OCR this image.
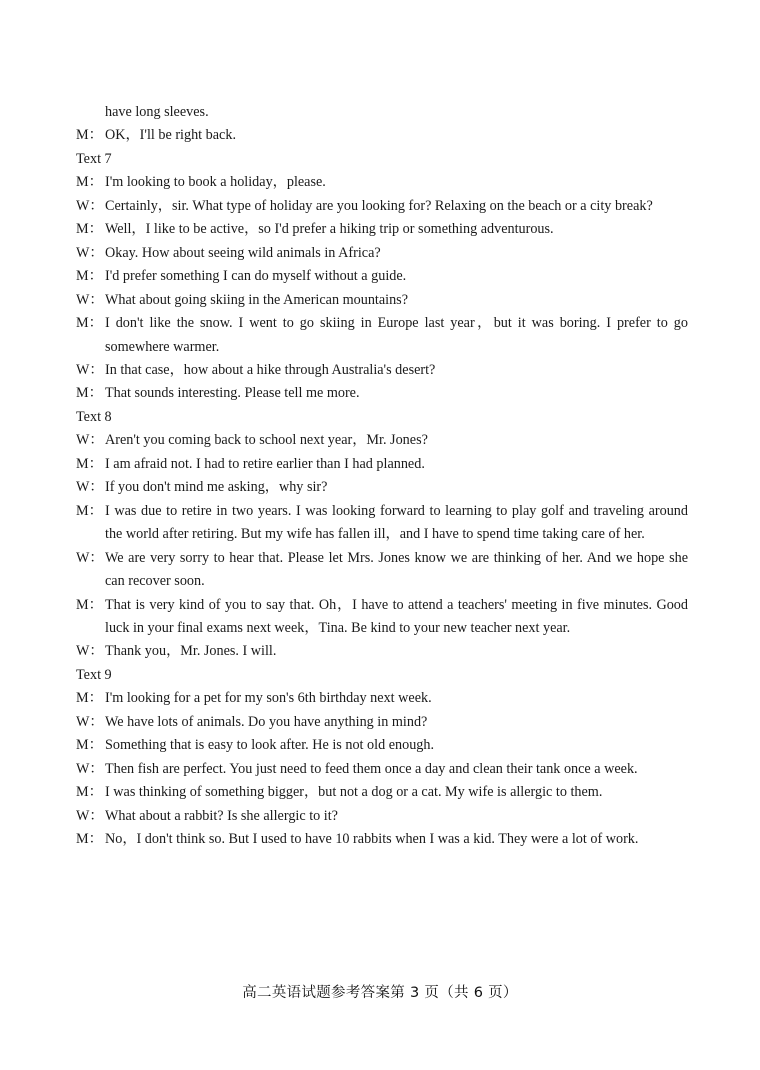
have long sleeves.
M： OK，I'll be right back.
Text 7
M： I'm looking to book a holiday，please.
W： Certainly，sir. What type of holiday are you looking for? Relaxing on the beach or a city break?
M： Well，I like to be active，so I'd prefer a hiking trip or something adventurous.
W： Okay. How about seeing wild animals in Africa?
M： I'd prefer something I can do myself without a guide.
W： What about going skiing in the American mountains?
M： I don't like the snow. I went to go skiing in Europe last year，but it was boring. I prefer to go somewhere warmer.
W： In that case，how about a hike through Australia's desert?
M： That sounds interesting. Please tell me more.
Text 8
W： Aren't you coming back to school next year，Mr. Jones?
M： I am afraid not. I had to retire earlier than I had planned.
W： If you don't mind me asking，why sir?
M： I was due to retire in two years. I was looking forward to learning to play golf and traveling around the world after retiring. But my wife has fallen ill，and I have to spend time taking care of her.
W： We are very sorry to hear that. Please let Mrs. Jones know we are thinking of her. And we hope she can recover soon.
M： That is very kind of you to say that. Oh，I have to attend a teachers' meeting in five minutes. Good luck in your final exams next week，Tina. Be kind to your new teacher next year.
W： Thank you，Mr. Jones. I will.
Text 9
M： I'm looking for a pet for my son's 6th birthday next week.
W： We have lots of animals. Do you have anything in mind?
M： Something that is easy to look after. He is not old enough.
W： Then fish are perfect. You just need to feed them once a day and clean their tank once a week.
M： I was thinking of something bigger，but not a dog or a cat. My wife is allergic to them.
W： What about a rabbit? Is she allergic to it?
M： No，I don't think so. But I used to have 10 rabbits when I was a kid. They were a lot of work.
高二英语试题参考答案第 3 页（共 6 页）
